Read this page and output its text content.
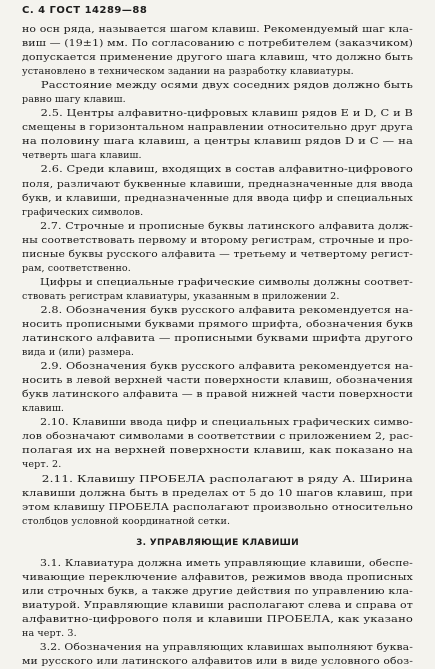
С. 4 ГОСТ 14289—88

но осн ряда, называется шагом клавиш. Рекомендуемый шаг кла-
виш — (19±1) мм. По согласованию с потребителем (заказчиком)
допускается применение другого шага клавиш, что должно быть
установлено в техническом задании на разработку клавиатуры.

Расстояние между осями двух соседних рядов должно быть
равно шагу клавиш.

2.5. Центры алфавитно-цифровых клавиш рядов Е и D, С и В
смещены в горизонтальном направлении относительно друг друга
на половину шага клавиш, а центры клавиш рядов D и С — на
четверть шага клавиш.

2.6. Среди клавиш, входящих в состав алфавитно-цифрового
поля, различают буквенные клавиши, предназначенные для ввода
букв, и клавиши, предназначенные для ввода цифр и специальных
графических символов.

2.7. Строчные и прописные буквы латинского алфавита долж-
ны соответствовать первому и второму регистрам, строчные и про-
писные буквы русского алфавита — третьему и четвертому регист-
рам, соответственно.

Цифры и специальные графические символы должны соответ-
ствовать регистрам клавиатуры, указанным в приложении 2.

2.8. Обозначения букв русского алфавита рекомендуется на-
носить прописными буквами прямого шрифта, обозначения букв
латинского алфавита — прописными буквами шрифта другого
вида и (или) размера.

2.9. Обозначения букв русского алфавита рекомендуется на-
носить в левой верхней части поверхности клавиш, обозначения
букв латинского алфавита — в правой нижней части поверхности
клавиш.

2.10. Клавиши ввода цифр и специальных графических симво-
лов обозначают символами в соответствии с приложением 2, рас-
полагая их на верхней поверхности клавиш, как показано на
черт. 2.

2.11. Клавишу ПРОБЕЛА располагают в ряду А. Ширина
клавиши должна быть в пределах от 5 до 10 шагов клавиш, при
этом клавишу ПРОБЕЛА располагают произвольно относительно
столбцов условной координатной сетки.

3. УПРАВЛЯЮЩИЕ КЛАВИШИ

3.1. Клавиатура должна иметь управляющие клавиши, обеспе-
чивающие переключение алфавитов, режимов ввода прописных
или строчных букв, а также другие действия по управлению кла-
виатурой. Управляющие клавиши располагают слева и справа от
алфавитно-цифрового поля и клавиши ПРОБЕЛА, как указано
на черт. 3.

3.2. Обозначения на управляющих клавишах выполняют буква-
ми русского или латинского алфавитов или в виде условного обоз-
